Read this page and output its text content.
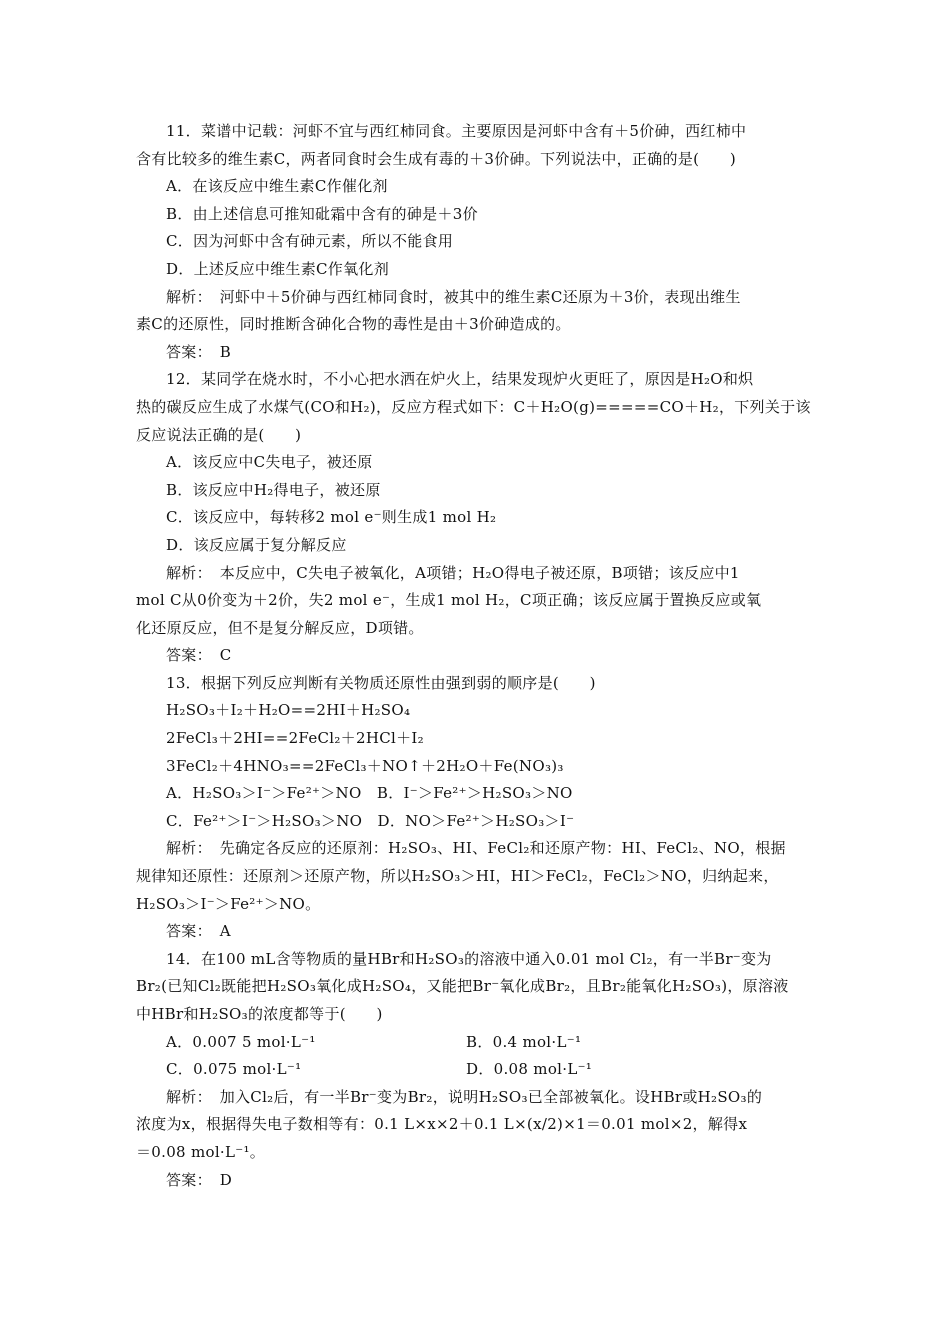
11．菜谱中记载：河虾不宜与西红柿同食。主要原因是河虾中含有＋5价砷，西红柿中
含有比较多的维生素C，两者同食时会生成有毒的＋3价砷。下列说法中，正确的是(　　)
A．在该反应中维生素C作催化剂
B．由上述信息可推知砒霜中含有的砷是＋3价
C．因为河虾中含有砷元素，所以不能食用
D．上述反应中维生素C作氧化剂
解析：　河虾中＋5价砷与西红柿同食时，被其中的维生素C还原为＋3价，表现出维生
素C的还原性，同时推断含砷化合物的毒性是由＋3价砷造成的。
答案：　B
12．某同学在烧水时，不小心把水洒在炉火上，结果发现炉火更旺了，原因是H₂O和炽
热的碳反应生成了水煤气(CO和H₂)，反应方程式如下：C＋H₂O(g)=====CO＋H₂，下列关于该
反应说法正确的是(　　)
A．该反应中C失电子，被还原
B．该反应中H₂得电子，被还原
C．该反应中，每转移2 mol e⁻则生成1 mol H₂
D．该反应属于复分解反应
解析：　本反应中，C失电子被氧化，A项错；H₂O得电子被还原，B项错；该反应中1
mol C从0价变为＋2价，失2 mol e⁻，生成1 mol H₂，C项正确；该反应属于置换反应或氧
化还原反应，但不是复分解反应，D项错。
答案：　C
13．根据下列反应判断有关物质还原性由强到弱的顺序是(　　)
H₂SO₃＋I₂＋H₂O==2HI＋H₂SO₄
2FeCl₃＋2HI==2FeCl₂＋2HCl＋I₂
3FeCl₂＋4HNO₃==2FeCl₃＋NO↑＋2H₂O＋Fe(NO₃)₃
A．H₂SO₃＞I⁻＞Fe²⁺＞NO　B．I⁻＞Fe²⁺＞H₂SO₃＞NO
C．Fe²⁺＞I⁻＞H₂SO₃＞NO　D．NO＞Fe²⁺＞H₂SO₃＞I⁻
解析：　先确定各反应的还原剂：H₂SO₃、HI、FeCl₂和还原产物：HI、FeCl₂、NO，根据
规律知还原性：还原剂＞还原产物，所以H₂SO₃＞HI，HI＞FeCl₂，FeCl₂＞NO，归纳起来，
H₂SO₃＞I⁻＞Fe²⁺＞NO。
答案：　A
14．在100 mL含等物质的量HBr和H₂SO₃的溶液中通入0.01 mol Cl₂，有一半Br⁻变为
Br₂(已知Cl₂既能把H₂SO₃氧化成H₂SO₄，又能把Br⁻氧化成Br₂，且Br₂能氧化H₂SO₃)，原溶液
中HBr和H₂SO₃的浓度都等于(　　)
A．0.007 5 mol·L⁻¹	B．0.4 mol·L⁻¹
C．0.075 mol·L⁻¹	D．0.08 mol·L⁻¹
解析：　加入Cl₂后，有一半Br⁻变为Br₂，说明H₂SO₃已全部被氧化。设HBr或H₂SO₃的
浓度为x，根据得失电子数相等有：0.1 L×x×2＋0.1 L×(x/2)×1＝0.01 mol×2，解得x
＝0.08 mol·L⁻¹。
答案：　D
